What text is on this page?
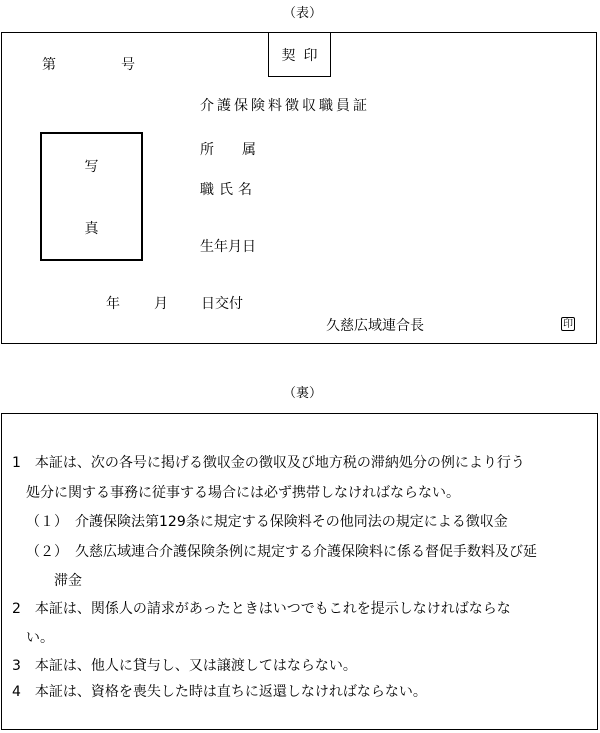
（表）
契印
第	号
介護保険料徴収職員証
写
真
所　　属
職氏名
生年月日
年 月 日交付
久慈広域連合長	印
（裏）
1　本証は、次の各号に掲げる徴収金の徴収及び地方税の滞納処分の例により行う
　処分に関する事務に従事する場合には必ず携帯しなければならない。
（１）　介護保険法第129条に規定する保険料その他同法の規定による徴収金
（２）　久慈広域連合介護保険条例に規定する介護保険料に係る督促手数料及び延
　　滞金
2　本証は、関係人の請求があったときはいつでもこれを提示しなければならな
　い。
3　本証は、他人に貸与し、又は譲渡してはならない。
4　本証は、資格を喪失した時は直ちに返還しなければならない。
